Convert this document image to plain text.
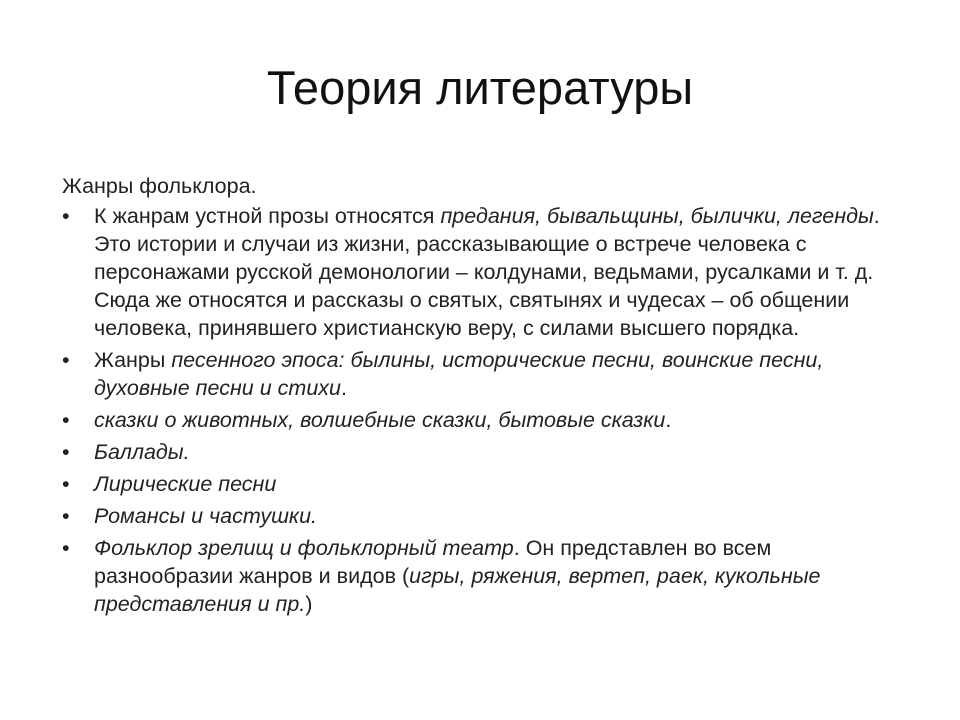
Теория литературы
Жанры фольклора.
•	К жанрам устной прозы относятся предания, бывальщины, былички, легенды. Это истории и случаи из жизни, рассказывающие о встрече человека с персонажами русской демонологии – колдунами, ведьмами, русалками и т. д. Сюда же относятся и рассказы о святых, святынях и чудесах – об общении человека, принявшего христианскую веру, с силами высшего порядка.
•	Жанры песенного эпоса: былины, исторические песни, воинские песни, духовные песни и стихи.
•	сказки о животных, волшебные сказки, бытовые сказки.
•	Баллады.
•	Лирические песни
•	Романсы и частушки.
•	Фольклор зрелищ и фольклорный театр. Он представлен во всем разнообразии жанров и видов (игры, ряжения, вертеп, раек, кукольные представления и пр.)
